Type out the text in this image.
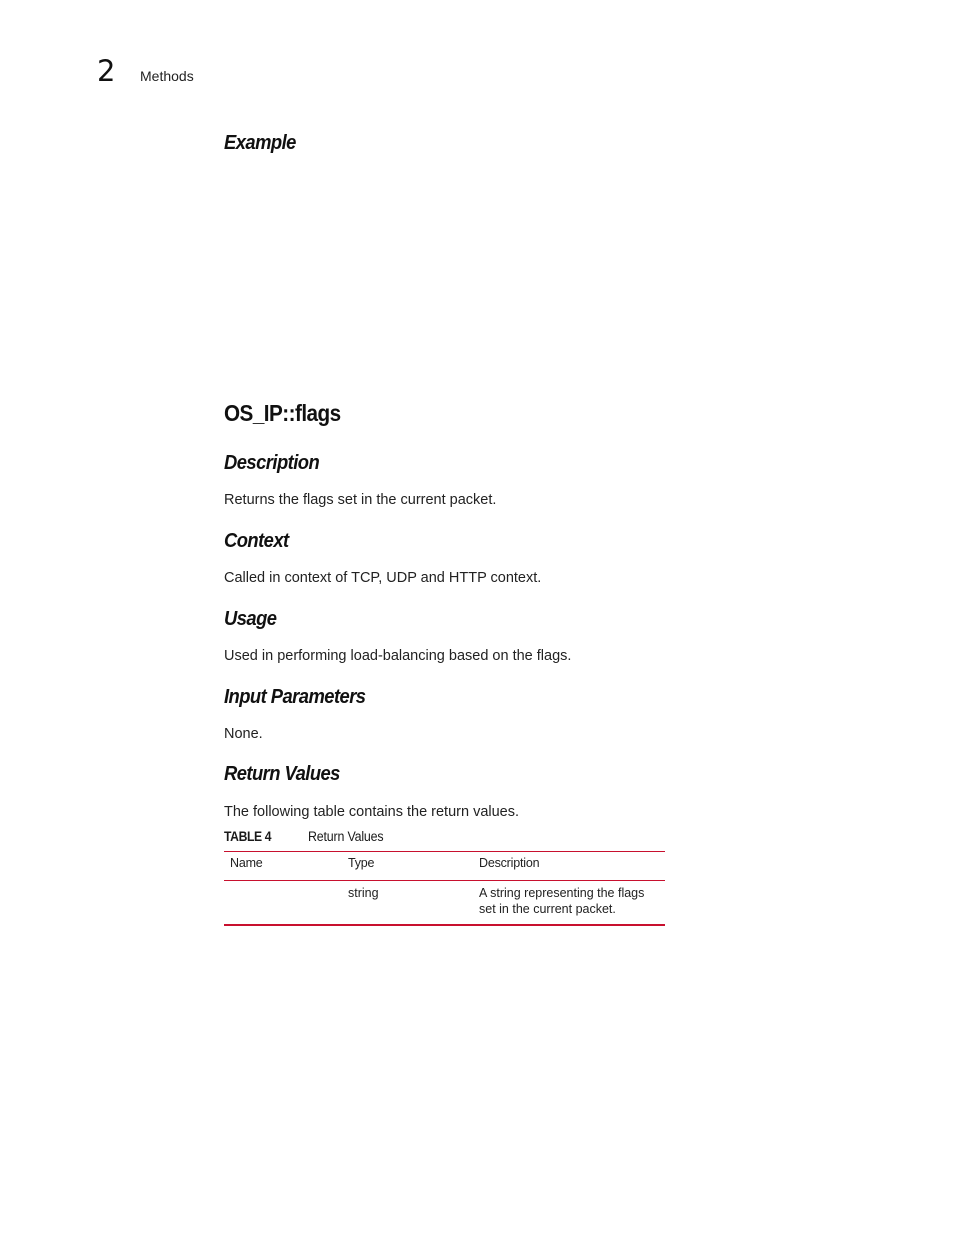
2	Methods
Example
OS_IP::flags
Description

Returns the flags set in the current packet.

Context

Called in context of TCP, UDP and HTTP context.

Usage

Used in performing load-balancing based on the flags.

Input Parameters

None.

Return Values

The following table contains the return values.

TABLE 4	Return Values
Name	Type	Description
	string	A string representing the flags
set in the current packet.
